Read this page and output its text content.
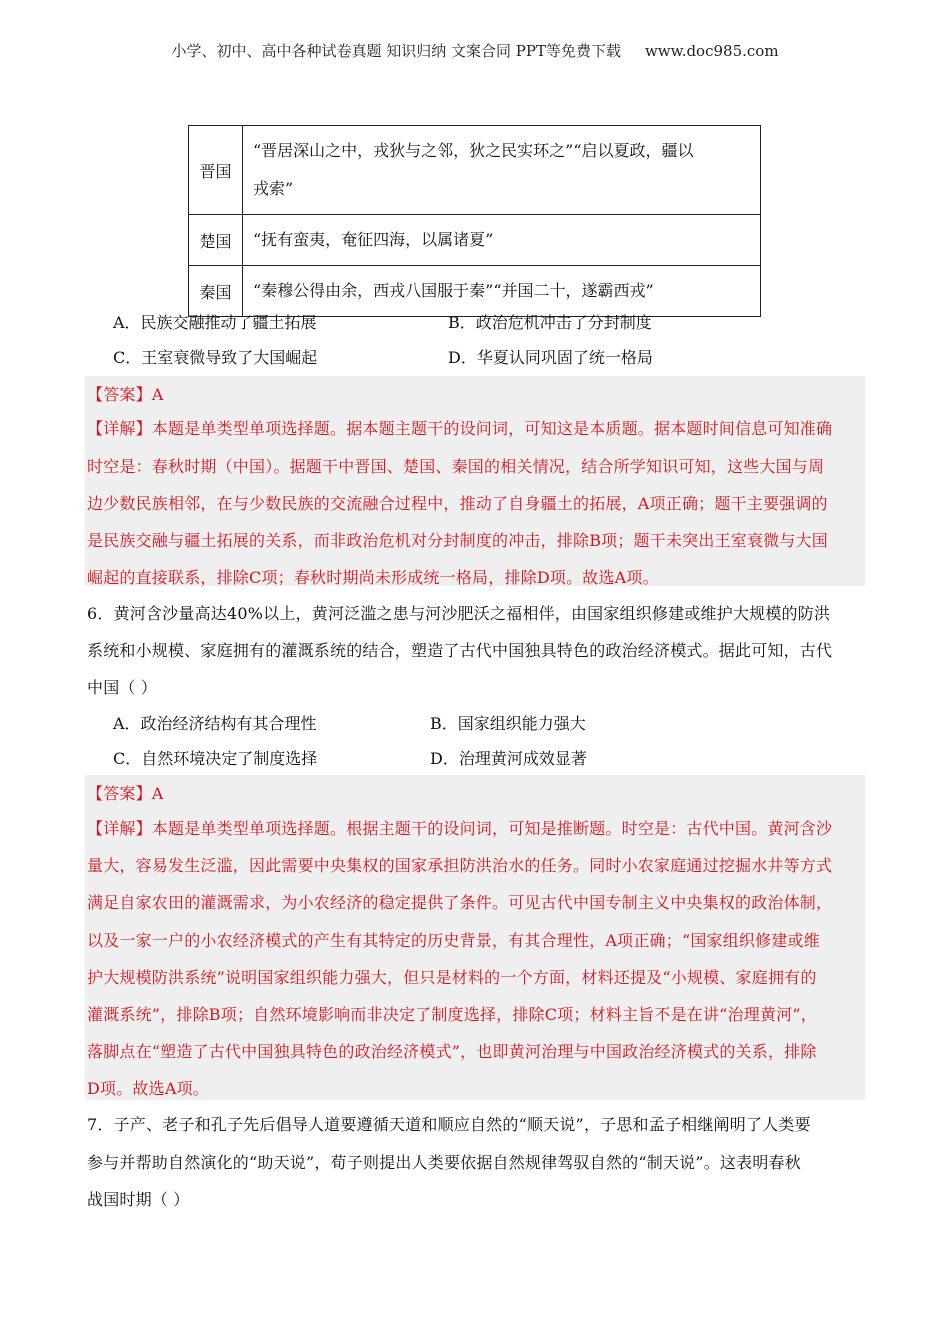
小学、初中、高中各种试卷真题 知识归纳 文案合同 PPT等免费下载 www.doc985.com
晋国	“晋居深山之中，戎狄与之邻，狄之民实环之”“启以夏政，疆以
戎索”

楚国	“抚有蛮夷，奄征四海，以属诸夏”
秦国	“秦穆公得由余，西戎八国服于秦”“并国二十，遂霸西戎”
A．民族交融推动了疆土拓展	B．政治危机冲击了分封制度
C．王室衰微导致了大国崛起	D．华夏认同巩固了统一格局
【答案】A
【详解】本题是单类型单项选择题。据本题主题干的设问词，可知这是本质题。据本题时间信息可知准确
时空是：春秋时期（中国）。据题干中晋国、楚国、秦国的相关情况，结合所学知识可知，这些大国与周
边少数民族相邻，在与少数民族的交流融合过程中，推动了自身疆土的拓展，A项正确；题干主要强调的
是民族交融与疆土拓展的关系，而非政治危机对分封制度的冲击，排除B项；题干未突出王室衰微与大国
崛起的直接联系，排除C项；春秋时期尚未形成统一格局，排除D项。故选A项。
6．黄河含沙量高达40%以上，黄河泛滥之患与河沙肥沃之福相伴，由国家组织修建或维护大规模的防洪
系统和小规模、家庭拥有的灌溉系统的结合，塑造了古代中国独具特色的政治经济模式。据此可知，古代
中国（ ）
A．政治经济结构有其合理性	B．国家组织能力强大
C．自然环境决定了制度选择	D．治理黄河成效显著
【答案】A
【详解】本题是单类型单项选择题。根据主题干的设问词，可知是推断题。时空是：古代中国。黄河含沙
量大，容易发生泛滥，因此需要中央集权的国家承担防洪治水的任务。同时小农家庭通过挖掘水井等方式
满足自家农田的灌溉需求，为小农经济的稳定提供了条件。可见古代中国专制主义中央集权的政治体制，
以及一家一户的小农经济模式的产生有其特定的历史背景，有其合理性，A项正确；“国家组织修建或维
护大规模防洪系统”说明国家组织能力强大，但只是材料的一个方面，材料还提及“小规模、家庭拥有的
灌溉系统”，排除B项；自然环境影响而非决定了制度选择，排除C项；材料主旨不是在讲“治理黄河”，
落脚点在“塑造了古代中国独具特色的政治经济模式”，也即黄河治理与中国政治经济模式的关系，排除
D项。故选A项。
7．子产、老子和孔子先后倡导人道要遵循天道和顺应自然的“顺天说”，子思和孟子相继阐明了人类要
参与并帮助自然演化的“助天说”，荀子则提出人类要依据自然规律驾驭自然的“制天说”。这表明春秋
战国时期（ ）
